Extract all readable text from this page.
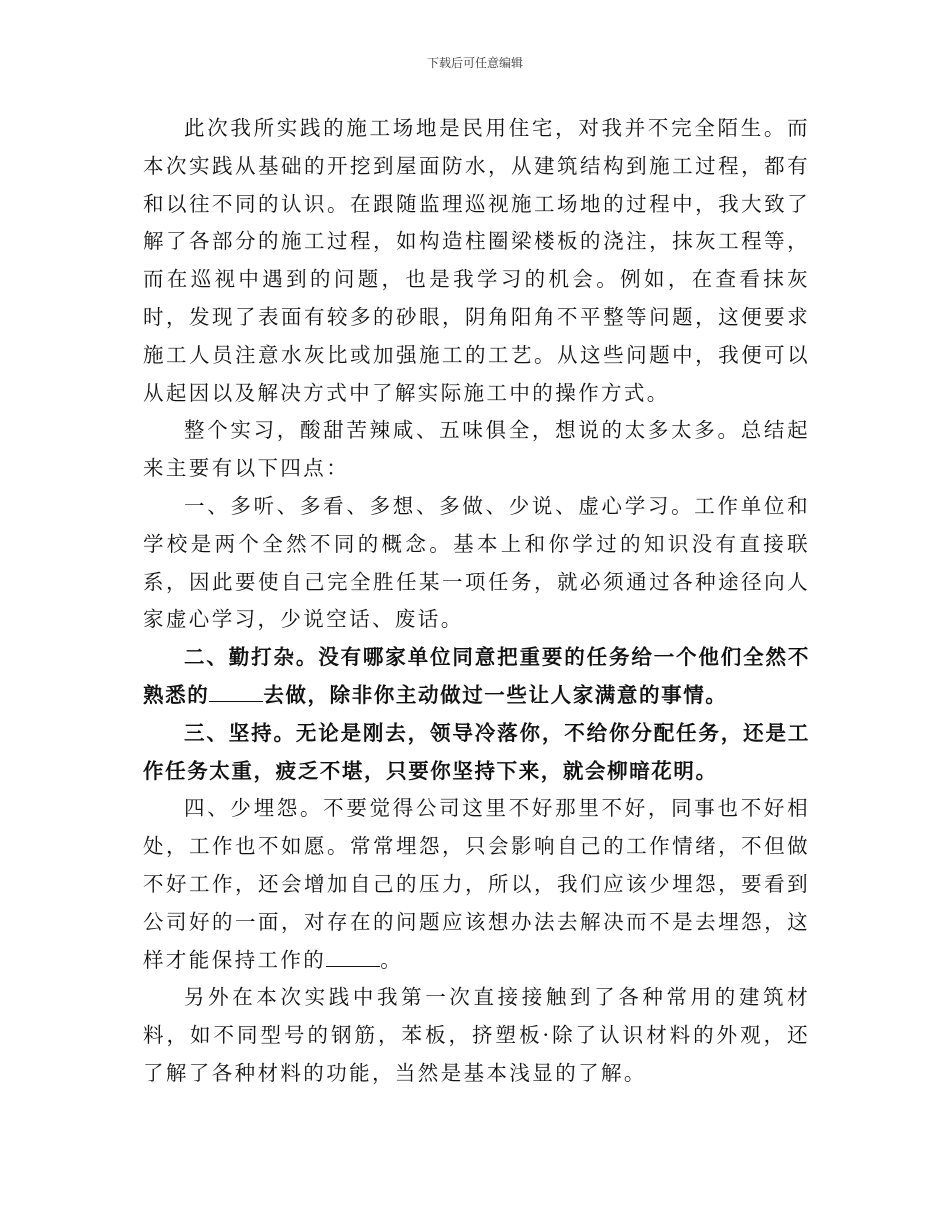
下载后可任意编辑

此次我所实践的施工场地是民用住宅，对我并不完全陌生。而本次实践从基础的开挖到屋面防水，从建筑结构到施工过程，都有和以往不同的认识。在跟随监理巡视施工场地的过程中，我大致了解了各部分的施工过程，如构造柱圈梁楼板的浇注，抹灰工程等，而在巡视中遇到的问题，也是我学习的机会。例如，在查看抹灰时，发现了表面有较多的砂眼，阴角阳角不平整等问题，这便要求施工人员注意水灰比或加强施工的工艺。从这些问题中，我便可以从起因以及解决方式中了解实际施工中的操作方式。

整个实习，酸甜苦辣咸、五味俱全，想说的太多太多。总结起来主要有以下四点：

一、多听、多看、多想、多做、少说、虚心学习。工作单位和学校是两个全然不同的概念。基本上和你学过的知识没有直接联系，因此要使自己完全胜任某一项任务，就必须通过各种途径向人家虚心学习，少说空话、废话。

二、勤打杂。没有哪家单位同意把重要的任务给一个他们全然不熟悉的	去做，除非你主动做过一些让人家满意的事情。

三、坚持。无论是刚去，领导冷落你，不给你分配任务，还是工作任务太重，疲乏不堪，只要你坚持下来，就会柳暗花明。

四、少埋怨。不要觉得公司这里不好那里不好，同事也不好相处，工作也不如愿。常常埋怨，只会影响自己的工作情绪，不但做不好工作，还会增加自己的压力，所以，我们应该少埋怨，要看到公司好的一面，对存在的问题应该想办法去解决而不是去埋怨，这样才能保持工作的	。

另外在本次实践中我第一次直接接触到了各种常用的建筑材料，如不同型号的钢筋，苯板，挤塑板·除了认识材料的外观，还了解了各种材料的功能，当然是基本浅显的了解。
